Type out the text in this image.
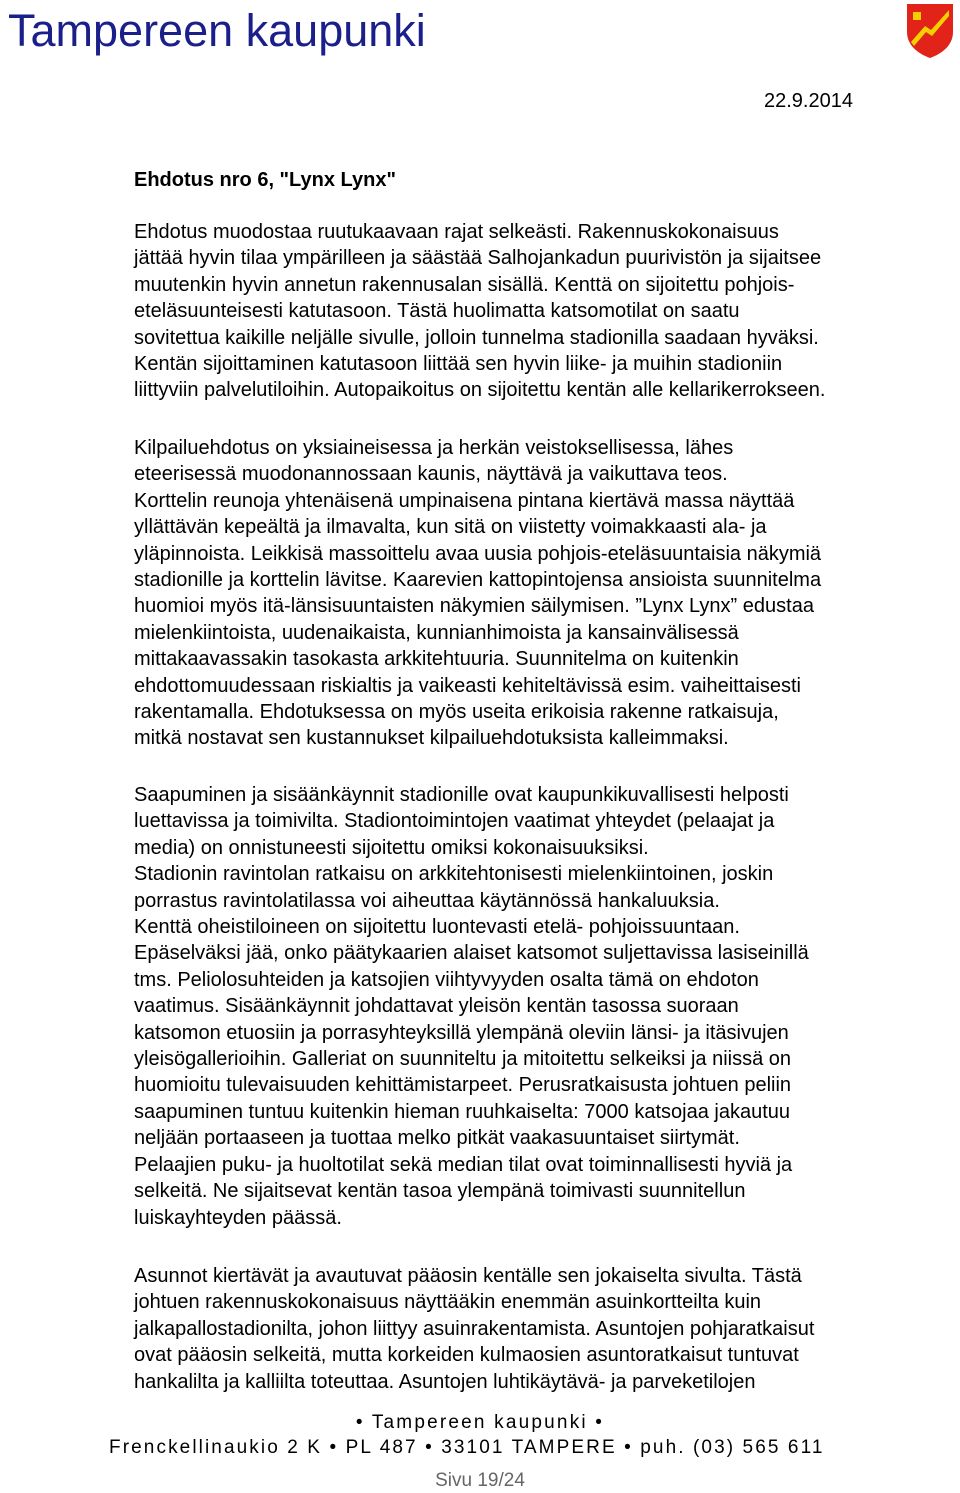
Tampereen kaupunki
22.9.2014
Ehdotus nro 6, "Lynx Lynx"

Ehdotus muodostaa ruutukaavaan rajat selkeästi. Rakennuskokonaisuus
jättää hyvin tilaa ympärilleen ja säästää Salhojankadun puurivistön ja sijaitsee
muutenkin hyvin annetun rakennusalan sisällä. Kenttä on sijoitettu pohjois-
eteläsuunteisesti katutasoon. Tästä huolimatta katsomotilat on saatu
sovitettua kaikille neljälle sivulle, jolloin tunnelma stadionilla saadaan hyväksi.
Kentän sijoittaminen katutasoon liittää sen hyvin liike- ja muihin stadioniin
liittyviin palvelutiloihin. Autopaikoitus on sijoitettu kentän alle kellarikerrokseen.

Kilpailuehdotus on yksiaineisessa ja herkän veistoksellisessa, lähes
eteerisessä muodonannossaan kaunis, näyttävä ja vaikuttava teos.
Korttelin reunoja yhtenäisenä umpinaisena pintana kiertävä massa näyttää
yllättävän kepeältä ja ilmavalta, kun sitä on viistetty voimakkaasti ala- ja
yläpinnoista. Leikkisä massoittelu avaa uusia pohjois-eteläsuuntaisia näkymiä
stadionille ja korttelin lävitse. Kaarevien kattopintojensa ansioista suunnitelma
huomioi myös itä-länsisuuntaisten näkymien säilymisen. ”Lynx Lynx” edustaa
mielenkiintoista, uudenaikaista, kunnianhimoista ja kansainvälisessä
mittakaavassakin tasokasta arkkitehtuuria. Suunnitelma on kuitenkin
ehdottomuudessaan riskialtis ja vaikeasti kehiteltävissä esim. vaiheittaisesti
rakentamalla. Ehdotuksessa on myös useita erikoisia rakenne ratkaisuja,
mitkä nostavat sen kustannukset kilpailuehdotuksista kalleimmaksi.

Saapuminen ja sisäänkäynnit stadionille ovat kaupunkikuvallisesti helposti
luettavissa ja toimivilta. Stadiontoimintojen vaatimat yhteydet (pelaajat ja
media) on onnistuneesti sijoitettu omiksi kokonaisuuksiksi.
Stadionin ravintolan ratkaisu on arkkitehtonisesti mielenkiintoinen, joskin
porrastus ravintolatilassa voi aiheuttaa käytännössä hankaluuksia.
Kenttä oheistiloineen on sijoitettu luontevasti etelä- pohjoissuuntaan.
Epäselväksi jää, onko päätykaarien alaiset katsomot suljettavissa lasiseinillä
tms. Peliolosuhteiden ja katsojien viihtyvyyden osalta tämä on ehdoton
vaatimus. Sisäänkäynnit johdattavat yleisön kentän tasossa suoraan
katsomon etuosiin ja porrasyhteyksillä ylempänä oleviin länsi- ja itäsivujen
yleisögallerioihin. Galleriat on suunniteltu ja mitoitettu selkeiksi ja niissä on
huomioitu tulevaisuuden kehittämistarpeet. Perusratkaisusta johtuen peliin
saapuminen tuntuu kuitenkin hieman ruuhkaiselta: 7000 katsojaa jakautuu
neljään portaaseen ja tuottaa melko pitkät vaakasuuntaiset siirtymät.
Pelaajien puku- ja huoltotilat sekä median tilat ovat toiminnallisesti hyviä ja
selkeitä. Ne sijaitsevat kentän tasoa ylempänä toimivasti suunnitellun
luiskayhteyden päässä.

Asunnot kiertävät ja avautuvat pääosin kentälle sen jokaiselta sivulta. Tästä
johtuen rakennuskokonaisuus näyttääkin enemmän asuinkortteilta kuin
jalkapallostadionilta, johon liittyy asuinrakentamista. Asuntojen pohjaratkaisut
ovat pääosin selkeitä, mutta korkeiden kulmaosien asuntoratkaisut tuntuvat
hankalilta ja kalliilta toteuttaa. Asuntojen luhtikäytävä- ja parveketilojen

• Tampereen kaupunki •
Frenckellinaukio 2 K • PL 487 • 33101 TAMPERE • puh. (03) 565 611
Sivu 19/24
